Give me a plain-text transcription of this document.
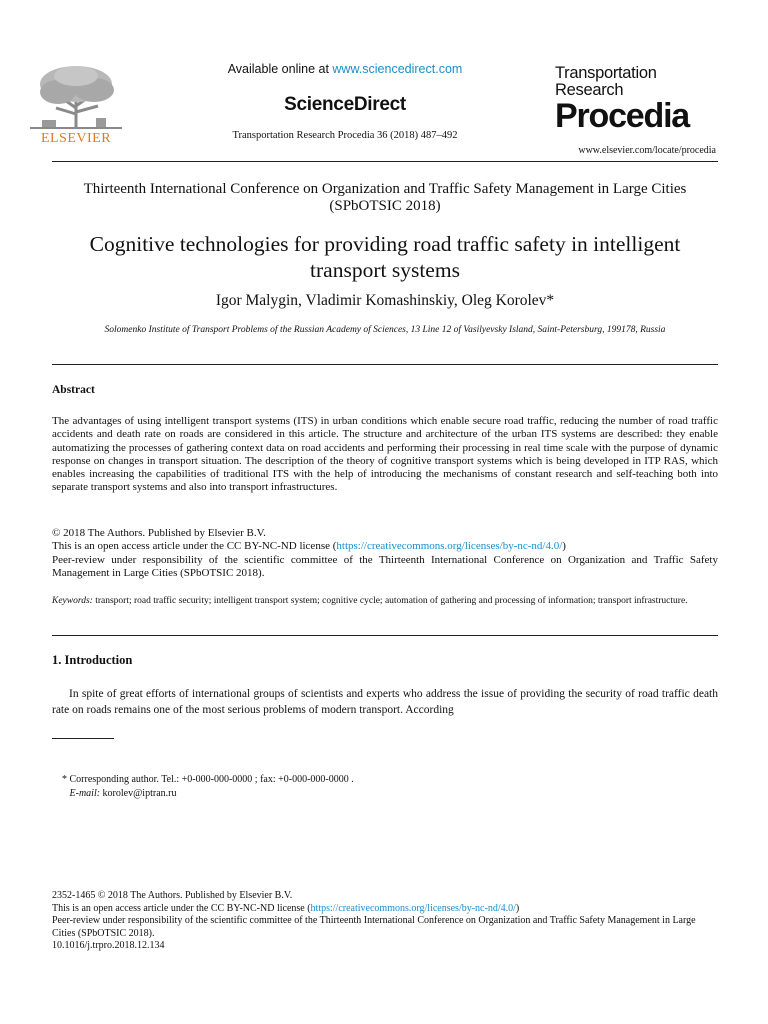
ELSEVIER
Available online at www.sciencedirect.com
ScienceDirect
Transportation Research Procedia 36 (2018) 487–492
Transportation
Research
Procedia
www.elsevier.com/locate/procedia
Thirteenth International Conference on Organization and Traffic Safety Management in Large Cities (SPbOTSIC 2018)
Cognitive technologies for providing road traffic safety in intelligent transport systems
Igor Malygin, Vladimir Komashinskiy, Oleg Korolev*
Solomenko Institute of Transport Problems of the Russian Academy of Sciences, 13 Line 12 of Vasilyevsky Island, Saint-Petersburg, 199178, Russia
Abstract
The advantages of using intelligent transport systems (ITS) in urban conditions which enable secure road traffic, reducing the number of road traffic accidents and death rate on roads are considered in this article. The structure and architecture of the urban ITS systems are described: they enable automatizing the processes of gathering context data on road accidents and performing their processing in real time scale with the purpose of dynamic response on changes in transport situation. The description of the theory of cognitive transport systems which is being developed in ITP RAS, which enables increasing the capabilities of traditional ITS with the help of introducing the mechanisms of constant research and self-teaching both into separate transport systems and also into transport infrastructures.
© 2018 The Authors. Published by Elsevier B.V.
This is an open access article under the CC BY-NC-ND license (https://creativecommons.org/licenses/by-nc-nd/4.0/)
Peer-review under responsibility of the scientific committee of the Thirteenth International Conference on Organization and Traffic Safety Management in Large Cities (SPbOTSIC 2018).
Keywords: transport; road traffic security; intelligent transport system; cognitive cycle; automation of gathering and processing of information; transport infrastructure.
1. Introduction
In spite of great efforts of international groups of scientists and experts who address the issue of providing the security of road traffic death rate on roads remains one of the most serious problems of modern transport. According
* Corresponding author. Tel.: +0-000-000-0000 ; fax: +0-000-000-0000 .
E-mail: korolev@iptran.ru
2352-1465 © 2018 The Authors. Published by Elsevier B.V.
This is an open access article under the CC BY-NC-ND license (https://creativecommons.org/licenses/by-nc-nd/4.0/)
Peer-review under responsibility of the scientific committee of the Thirteenth International Conference on Organization and Traffic Safety Management in Large Cities (SPbOTSIC 2018).
10.1016/j.trpro.2018.12.134
